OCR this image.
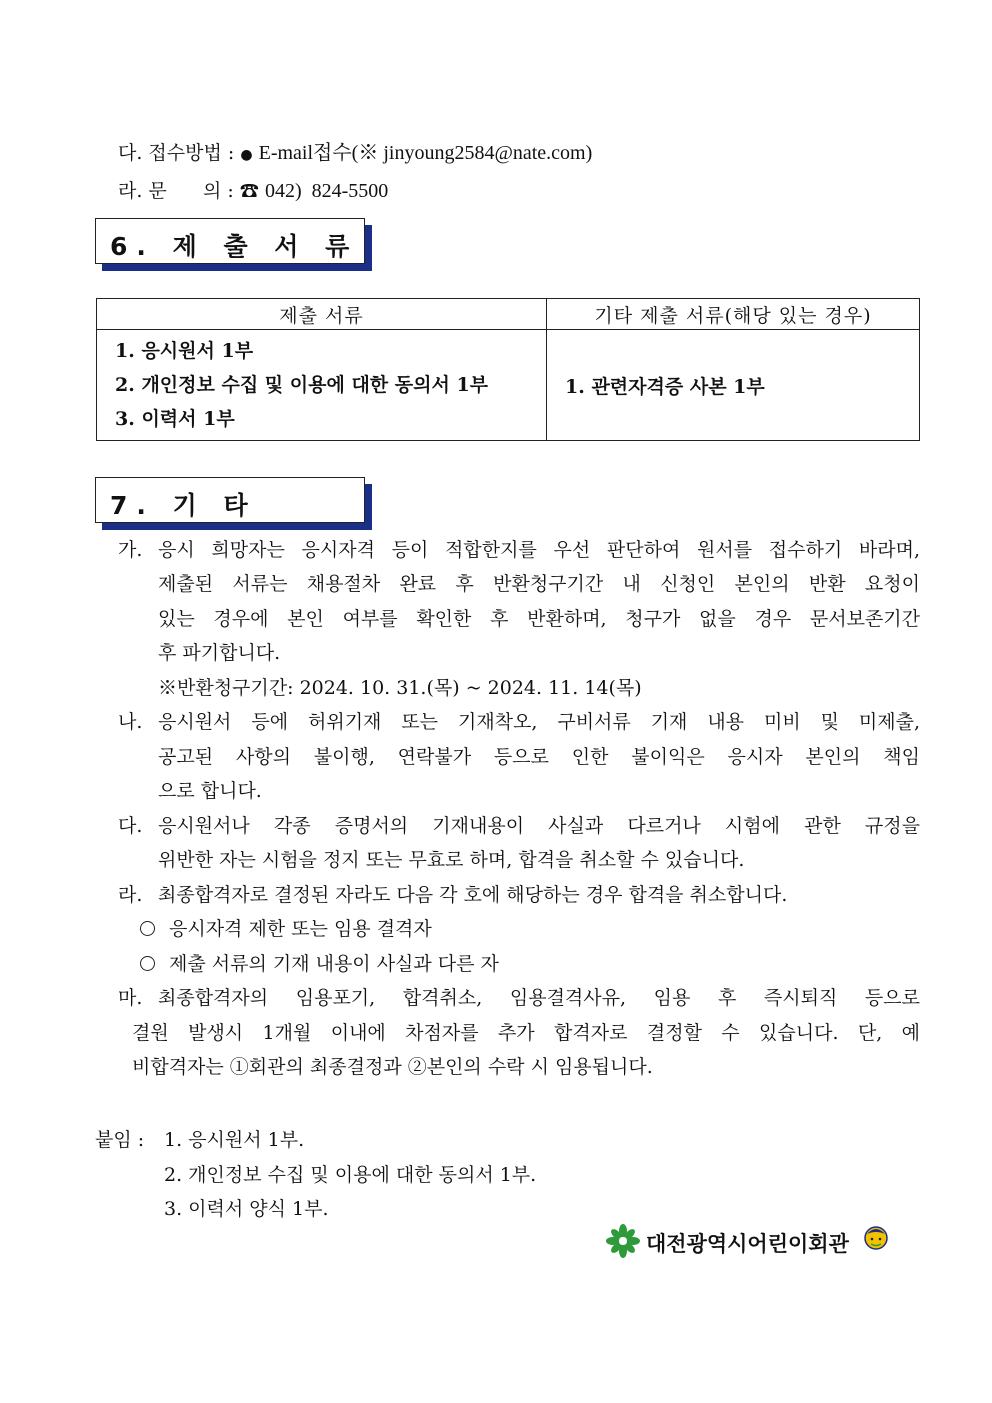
다. 접수방법 : ● E-mail접수(※ jinyoung2584@nate.com)
라. 문      의 : ☎ 042)  824-5500
6. 제 출 서 류
제출 서류	기타 제출 서류(해당 있는 경우)

1. 응시원서 1부
2. 개인정보 수집 및 이용에 대한 동의서 1부
3. 이력서 1부	1. 관련자격증 사본 1부
7. 기 타
가. 응시 희망자는 응시자격 등이 적합한지를 우선 판단하여 원서를 접수하기 바라며,
제출된 서류는 채용절차 완료 후 반환청구기간 내 신청인 본인의 반환 요청이
있는 경우에 본인 여부를 확인한 후 반환하며, 청구가 없을 경우 문서보존기간
후 파기합니다.
※반환청구기간: 2024. 10. 31.(목) ~ 2024. 11. 14(목)
나. 응시원서 등에 허위기재 또는 기재착오, 구비서류 기재 내용 미비 및 미제출,
공고된 사항의 불이행, 연락불가 등으로 인한 불이익은 응시자 본인의 책임
으로 합니다.
다. 응시원서나 각종 증명서의 기재내용이 사실과 다르거나 시험에 관한 규정을
위반한 자는 시험을 정지 또는 무효로 하며, 합격을 취소할 수 있습니다.
라. 최종합격자로 결정된 자라도 다음 각 호에 해당하는 경우 합격을 취소합니다.
응시자격 제한 또는 임용 결격자
제출 서류의 기재 내용이 사실과 다른 자
마. 최종합격자의 임용포기, 합격취소, 임용결격사유, 임용 후 즉시퇴직 등으로
결원 발생시 1개월 이내에 차점자를 추가 합격자로 결정할 수 있습니다. 단, 예
비합격자는 ①회관의 최종결정과 ②본인의 수락 시 임용됩니다.
붙임 : 1. 응시원서 1부.
2. 개인정보 수집 및 이용에 대한 동의서 1부.
3. 이력서 양식 1부.
대전광역시어린이회관
